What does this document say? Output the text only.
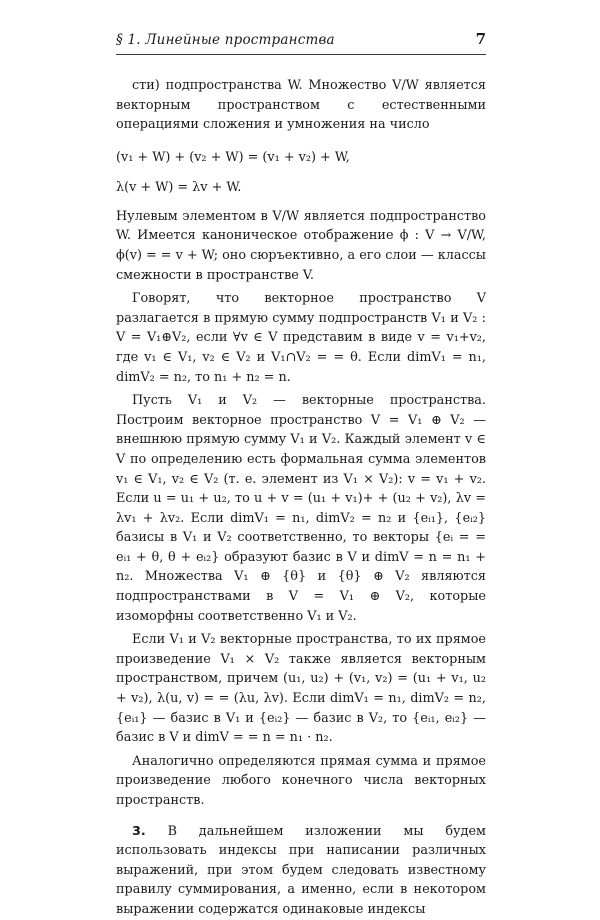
§ 1. Линейные пространства	7

сти) подпространства W. Множество V/W является векторным пространством с естественными операциями сложения и умножения на число

(v₁ + W) + (v₂ + W) = (v₁ + v₂) + W,

λ(v + W) = λv + W.

Нулевым элементом в V/W является подпространство W. Имеется каноническое отображение ϕ : V → V/W, ϕ(v) = = v + W; оно сюръективно, а его слои — классы смежности в пространстве V.

Говорят, что векторное пространство V разлагается в прямую сумму подпространств V₁ и V₂ : V = V₁⊕V₂, если ∀v ∈ V представим в виде v = v₁+v₂, где v₁ ∈ V₁, v₂ ∈ V₂ и V₁∩V₂ = = θ. Если dimV₁ = n₁, dimV₂ = n₂, то n₁ + n₂ = n.

Пусть V₁ и V₂ — векторные пространства. Построим векторное пространство V = V₁ ⊕ V₂ — внешнюю прямую сумму V₁ и V₂. Каждый элемент v ∈ V по определению есть формальная сумма элементов v₁ ∈ V₁, v₂ ∈ V₂ (т. е. элемент из V₁ × V₂): v = v₁ + v₂. Если u = u₁ + u₂, то u + v = (u₁ + v₁)+ + (u₂ + v₂), λv = λv₁ + λv₂. Если dimV₁ = n₁, dimV₂ = n₂ и {eᵢ₁}, {eᵢ₂} базисы в V₁ и V₂ соответственно, то векторы {eᵢ = = eᵢ₁ + θ, θ + eᵢ₂} образуют базис в V и dimV = n = n₁ + n₂. Множества V₁ ⊕ {θ} и {θ} ⊕ V₂ являются подпространствами в V = V₁ ⊕ V₂, которые изоморфны соответственно V₁ и V₂.

Если V₁ и V₂ векторные пространства, то их прямое произведение V₁ × V₂ также является векторным пространством, причем (u₁, u₂) + (v₁, v₂) = (u₁ + v₁, u₂ + v₂), λ(u, v) = = (λu, λv). Если dimV₁ = n₁, dimV₂ = n₂, {eᵢ₁} — базис в V₁ и {eᵢ₂} — базис в V₂, то {eᵢ₁, eᵢ₂} — базис в V и dimV = = n = n₁ · n₂.

Аналогично определяются прямая сумма и прямое произведение любого конечного числа векторных пространств.

3. В дальнейшем изложении мы будем использовать индексы при написании различных выражений, при этом будем следовать известному правилу суммирования, а именно, если в некотором выражении содержатся одинаковые индексы
